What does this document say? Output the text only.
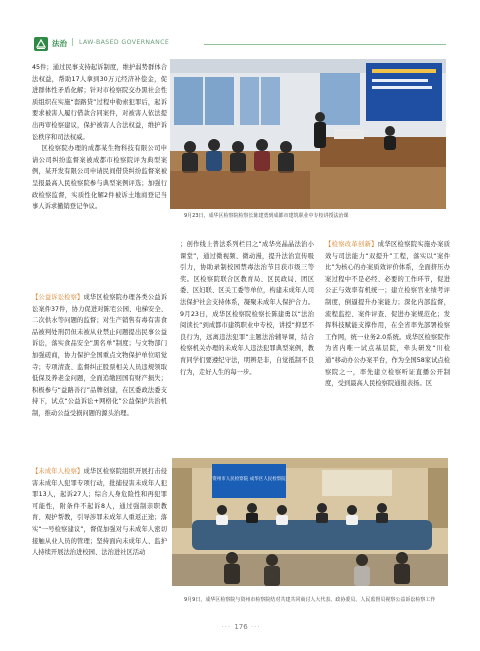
法治 | LAW-BASED GOVERNANCE

45件；通过民事支持起诉制度，维护弱势群体合法权益，帮助17人拿到30万元经济补偿金，促进群体性矛盾化解；针对市检察院交办黑社会性质组织在实施“套路贷”过程中勒索犯罪后，起诉要求被害人履行借款合同案件，对被害人依法提出再审检察建议，保护被害人合法权益，维护诉讼秩序和司法权威。

区检察院办理的成都某生物科技有限公司申请公司纠纷监督案被成都市检察院评为典型案例，某开发有限公司申请民间借贷纠纷监督案被呈报最高人民检察院参与典型案例评选；加强行政检察监督，实质性化解2件被诉土地商登记当事人诉求撤销登记争议。

【公益诉讼检察】成华区检察院办理各类公益诉讼案件37件，协力促进对陈宅公园、电梯安全、二次供水等问题的监督；对生产销售有毒有害食品被判处刑罚但未被从业禁止问题提出民事公益诉讼，落实食品安全“黑名单”制度；与文物部门加强磋商，协力保护全国重点文物保护单位昭觉寺；专项清查、监督纠正股票相关人员违规领取低保及养老金问题，全面追缴回国有财产损失；积极参与“益路善行”品牌创建，在区委政法委支持下，试点“公益诉讼+网格化”公益保护共治机制，推动公益受损问题的源头治理。

【未成年人检察】成华区检察院组织开展打击侵害未成年人犯罪专项行动，批捕侵害未成年人犯罪13人，起诉27人；综合人身危险性和再犯罪可能性，附条件不起诉8人，通过强制亲职教育、观护帮教，引导涉罪未成年人重返正途；落实“一号检察建议”，督促加强对与未成年人密切接触从业人员的管理；坚持面向未成年人、监护人持续开展法治进校园、法治进社区活动

；创作线上普法系列栏目之“成华亮晶晶法治小课堂”，通过微视频、微动漫，提升法治宣传吸引力，协助录制校园禁毒法治节目获市级三等奖。区检察院联合区教育局、区民政局、团区委、区妇联、区关工委等单位，构建未成年人司法保护社会支持体系，凝聚未成年人保护合力。9月23日，成华区检察院检察长陈建勇以“法治阅读长”到成都市建筑职业中专校，讲授“抑恶不良行为，远离违法犯罪”主题法治辅导课，结合检察机关办理的未成年人违法犯罪典型案例，教育同学们要遵纪守法，明辨是非，自觉抵制不良行为，走好人生的每一步。

【检察改革创新】成华区检察院实施办案质效与司法能力“双提升”工程，落实以“案件比”为核心的办案质效评价体系，全面挤压办案过程中不是必经、必要的工作环节，促进公正与效率有机统一；建立检察官业绩考评制度，倒逼提升办案能力；深化内部监督，流程监控、案件评查、促进办案规范化；发挥科技赋能支撑作用，在全省率先部署检察工作网，统一业务2.0系统。成华区检察院作为省内唯一试点基层院，牵头研发“川检通”移动办公办案平台，作为全国58家试点检察院之一，率先建立检察听证直播公开制度，受到最高人民检察院通报表扬。区

9月23日，成华区检察院检察长陈建勇到成都市建筑职业中专校讲授法治课
资州市人民检察院 成华区人民检察院
9月9日，成华区检察院与资州市检察院结对共建共同商讨人大代表、政协委员、人民监督员视察公益诉讼检察工作
··· 176 ···
